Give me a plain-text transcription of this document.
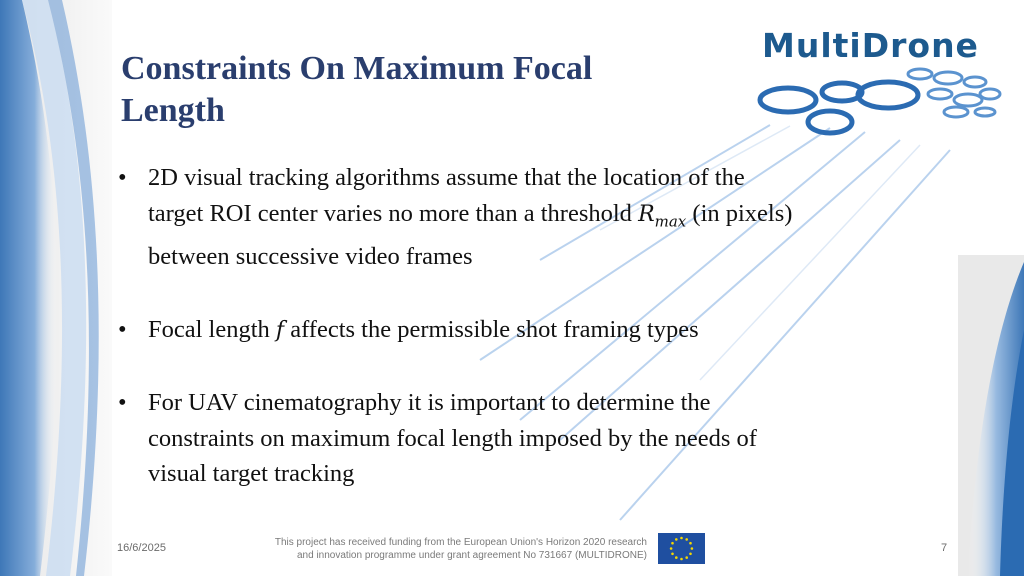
MultiDrone
Constraints On Maximum Focal
Length
• 2D visual tracking algorithms assume that the location of the
target ROI center varies no more than a threshold $R_{max}$ (in pixels)
between successive video frames
• Focal length f affects the permissible shot framing types
• For UAV cinematography it is important to determine the
constraints on maximum focal length imposed by the needs of
visual target tracking
16/6/2025	This project has received funding from the European Union's Horizon 2020 research
and innovation programme under grant agreement No 731667 (MULTIDRONE)
7
